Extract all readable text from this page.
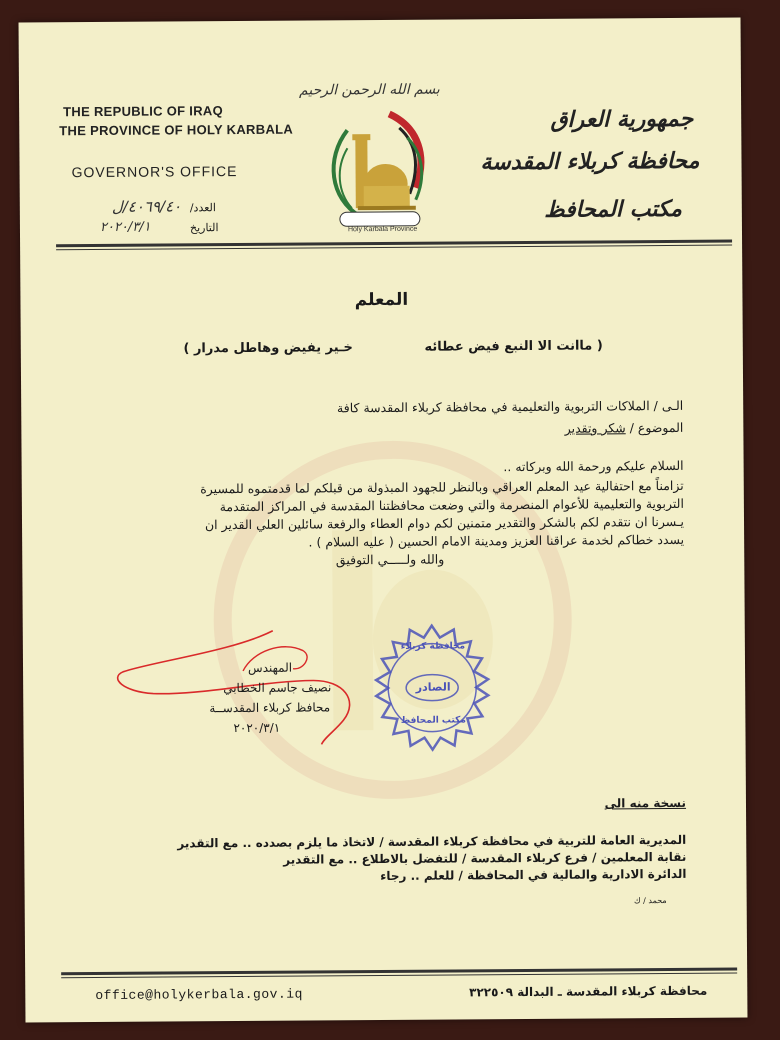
THE REPUBLIC OF IRAQ
THE PROVINCE OF HOLY KARBALA
GOVERNOR'S OFFICE
العدد/
٤٠٦٩/٤٠/ل
التاريخ
٢٠٢٠/٣/١
بسم الله الرحمن الرحيم
Holy Karbala Province
جمهورية العراق
محافظة كربلاء المقدسة
مكتب المحافظ
المعلم
( ماانت الا النبع فيض عطائه
خـير يفيض وهاطل مدرار )
الـى / الملاكات التربوية والتعليمية في محافظة كربلاء المقدسة كافة
الموضوع / شكر وتقدير
السلام عليكم ورحمة الله وبركاته ..
تزامناً مع احتفالية عيد المعلم العراقي وبالنظر للجهود المبذولة من قبلكم لما قدمتموه للمسيرة
التربوية والتعليمية للأعوام المنصرمة والتي وضعت محافظتنا المقدسة في المراكز المتقدمة
يـسرنا ان نتقدم لكم بالشكر والتقدير متمنين لكم دوام العطاء والرفعة سائلين العلي القدير ان
يسدد خطاكم لخدمة عراقنا العزيز ومدينة الامام الحسين ( عليه السلام ) .
والله ولـــــي التوفيق
المهندس
نصيف جاسم الخطابي
محافظ كربلاء المقدســة
٢٠٢٠/٣/١
محافظة كربلاء
الصادر
مكتب المحافظ
نسخة منه الى
المديرية العامة للتربية في محافظة كربلاء المقدسة / لاتخاذ ما يلزم بصدده .. مع التقدير
نقابة المعلمين / فرع كربلاء المقدسة / للتفضل بالاطلاع .. مع التقدير
الدائرة الادارية والمالية في المحافظة / للعلم .. رجاء
محمد / ك
office@holykerbala.gov.iq	محافظة كربلاء المقدسة ـ البدالة ٣٢٢٥٠٩
